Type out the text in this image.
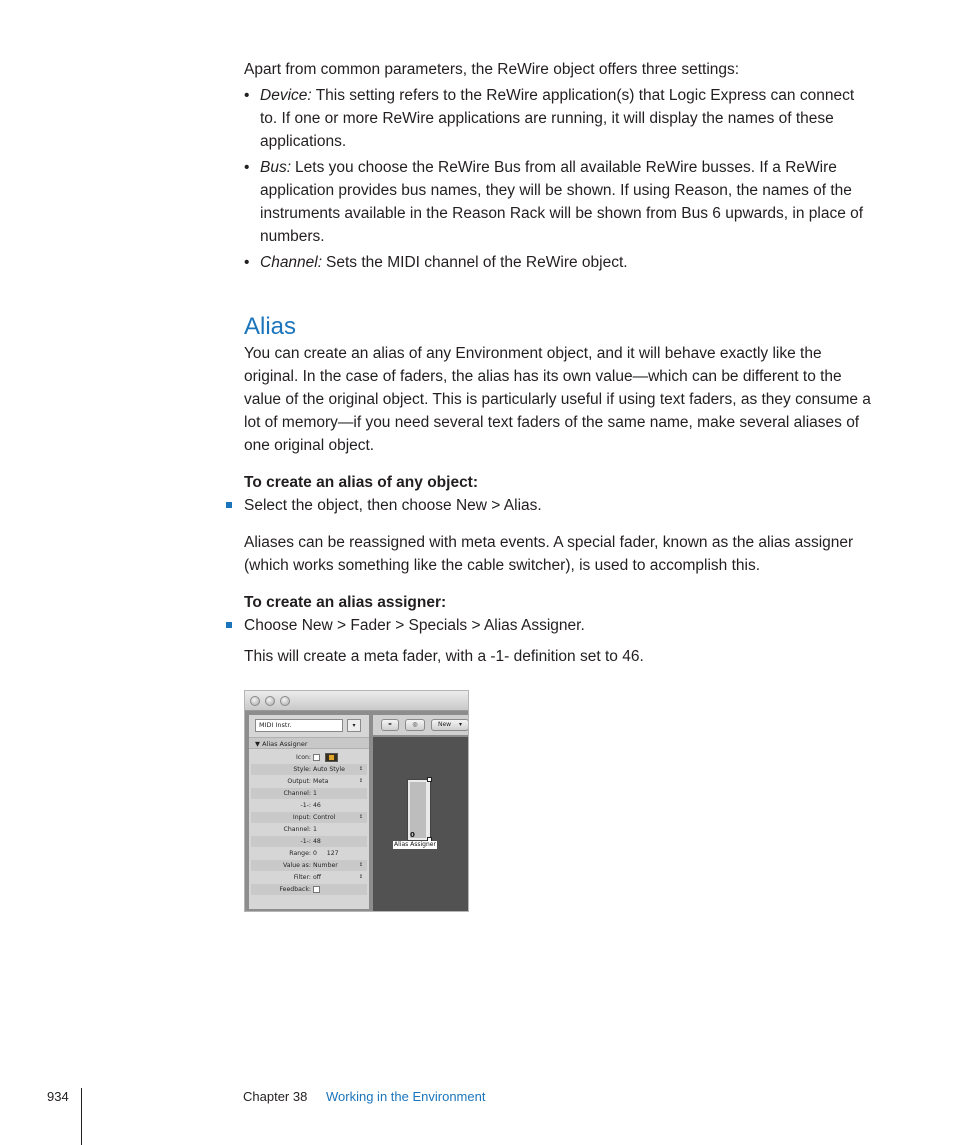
Apart from common parameters, the ReWire object offers three settings:

• Device: This setting refers to the ReWire application(s) that Logic Express can connect to. If one or more ReWire applications are running, it will display the names of these applications.
• Bus: Lets you choose the ReWire Bus from all available ReWire busses. If a ReWire application provides bus names, they will be shown. If using Reason, the names of the instruments available in the Reason Rack will be shown from Bus 6 upwards, in place of numbers.
• Channel: Sets the MIDI channel of the ReWire object.
Alias

You can create an alias of any Environment object, and it will behave exactly like the original. In the case of faders, the alias has its own value—which can be different to the value of the original object. This is particularly useful if using text faders, as they consume a lot of memory—if you need several text faders of the same name, make several aliases of one original object.

To create an alias of any object:
Select the object, then choose New > Alias.

Aliases can be reassigned with meta events. A special fader, known as the alias assigner (which works something like the cable switcher), is used to accomplish this.

To create an alias assigner:
Choose New > Fader > Specials > Alias Assigner.

This will create a meta fader, with a -1- definition set to 46.

MIDI Instr.	▾
▼ Alias Assigner
Icon:
Style: Auto Style	↕
Output: Meta	↕
Channel: 1
-1-: 46
Input: Control	↕
Channel: 1
-1-: 48
Range: 0     127
Value as: Number	↕
Filter: off	↕
Feedback:
⚭	◎	New ▾
0
Alias Assigner
934	Chapter 38 Working in the Environment
